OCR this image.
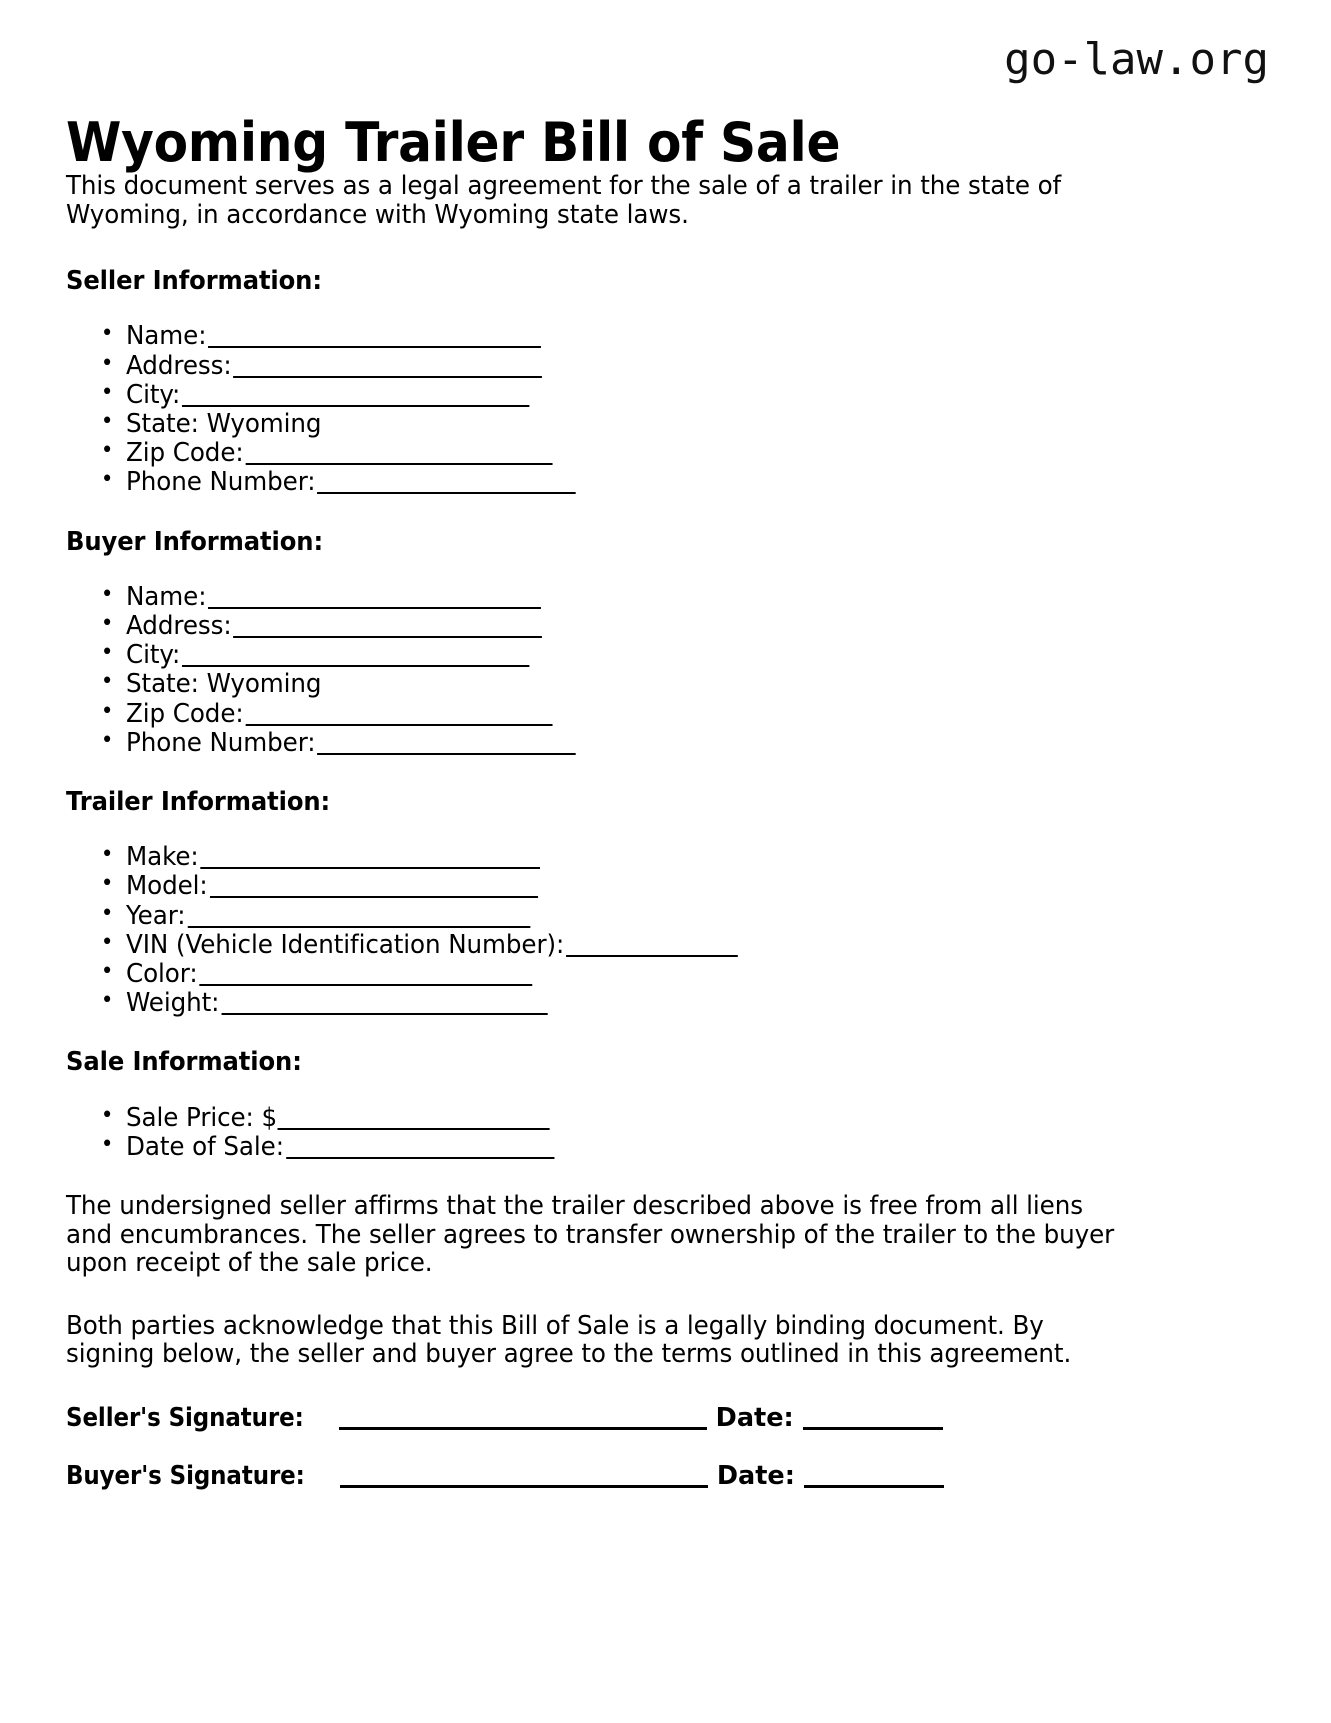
go-law.org
Wyoming Trailer Bill of Sale

This document serves as a legal agreement for the sale of a trailer in the state of Wyoming, in accordance with Wyoming state laws.

Seller Information:
• Name:
• Address:
• City:
• State: Wyoming
• Zip Code:
• Phone Number:
Buyer Information:
• Name:
• Address:
• City:
• State: Wyoming
• Zip Code:
• Phone Number:
Trailer Information:
• Make:
• Model:
• Year:
• VIN (Vehicle Identification Number):
• Color:
• Weight:
Sale Information:
• Sale Price: $
• Date of Sale:

The undersigned seller affirms that the trailer described above is free from all liens and encumbrances. The seller agrees to transfer ownership of the trailer to the buyer upon receipt of the sale price.

Both parties acknowledge that this Bill of Sale is a legally binding document. By signing below, the seller and buyer agree to the terms outlined in this agreement.

Seller's Signature:	Date:
Buyer's Signature:	Date:
